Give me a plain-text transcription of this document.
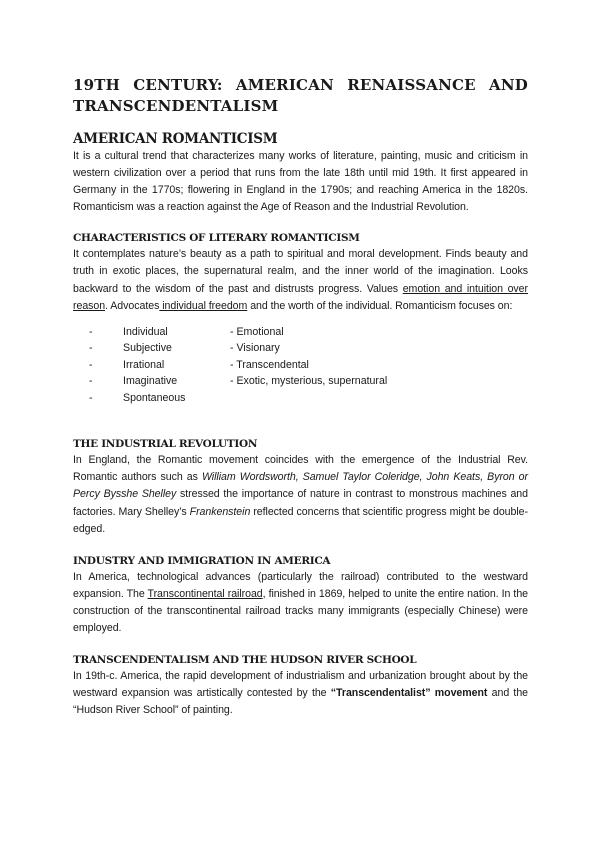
19TH CENTURY: AMERICAN RENAISSANCE AND
TRANSCENDENTALISM
AMERICAN ROMANTICISM

It is a cultural trend that characterizes many works of literature, painting, music and criticism in western civilization over a period that runs from the late 18th until mid 19th. It first appeared in Germany in the 1770s; flowering in England in the 1790s; and reaching America in the 1820s. Romanticism was a reaction against the Age of Reason and the Industrial Revolution.

CHARACTERISTICS OF LITERARY ROMANTICISM

It contemplates nature’s beauty as a path to spiritual and moral development. Finds beauty and truth in exotic places, the supernatural realm, and the inner world of the imagination. Looks backward to the wisdom of the past and distrusts progress. Values emotion and intuition over reason. Advocates individual freedom and the worth of the individual. Romanticism focuses on:

-	Individual	- Emotional
-	Subjective	- Visionary
-	Irrational	- Transcendental
-	Imaginative	- Exotic, mysterious, supernatural
-	Spontaneous
THE INDUSTRIAL REVOLUTION

In England, the Romantic movement coincides with the emergence of the Industrial Rev. Romantic authors such as William Wordsworth, Samuel Taylor Coleridge, John Keats, Byron or Percy Bysshe Shelley stressed the importance of nature in contrast to monstrous machines and factories. Mary Shelley’s Frankenstein reflected concerns that scientific progress might be double-edged.

INDUSTRY AND IMMIGRATION IN AMERICA

In America, technological advances (particularly the railroad) contributed to the westward expansion. The Transcontinental railroad, finished in 1869, helped to unite the entire nation. In the construction of the transcontinental railroad tracks many immigrants (especially Chinese) were employed.

TRANSCENDENTALISM AND THE HUDSON RIVER SCHOOL

In 19th-c. America, the rapid development of industrialism and urbanization brought about by the westward expansion was artistically contested by the “Transcendentalist” movement and the “Hudson River School” of painting.
